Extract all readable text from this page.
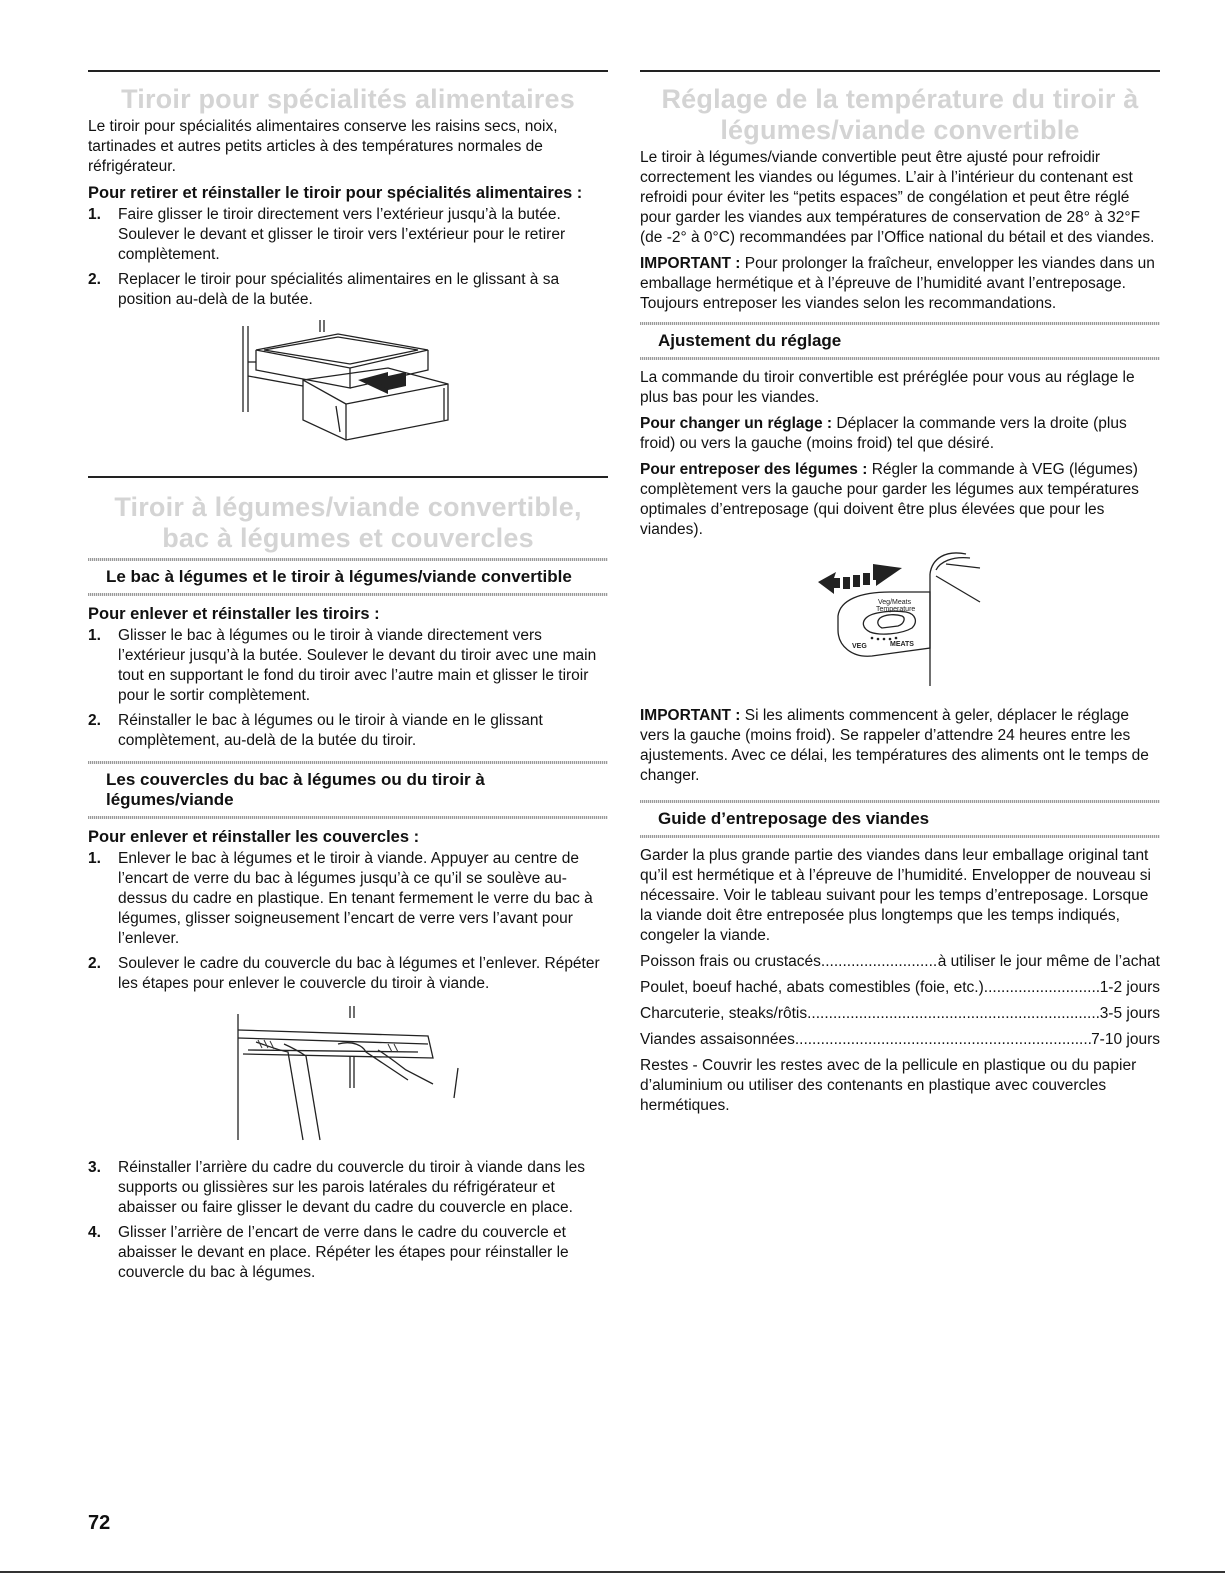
Tiroir pour spécialités alimentaires

Le tiroir pour spécialités alimentaires conserve les raisins secs, noix, tartinades et autres petits articles à des températures normales de réfrigérateur.

Pour retirer et réinstaller le tiroir pour spécialités alimentaires :
1. Faire glisser le tiroir directement vers l’extérieur jusqu’à la butée. Soulever le devant et glisser le tiroir vers l’extérieur pour le retirer complètement.
2. Replacer le tiroir pour spécialités alimentaires en le glissant à sa position au-delà de la butée.
Tiroir à légumes/viande convertible,
bac à légumes et couvercles
Le bac à légumes et le tiroir à légumes/viande convertible
Pour enlever et réinstaller les tiroirs :
1. Glisser le bac à légumes ou le tiroir à viande directement vers l’extérieur jusqu’à la butée. Soulever le devant du tiroir avec une main tout en supportant le fond du tiroir avec l’autre main et glisser le tiroir pour le sortir complètement.
2. Réinstaller le bac à légumes ou le tiroir à viande en le glissant complètement, au-delà de la butée du tiroir.
Les couvercles du bac à légumes ou du tiroir à légumes/viande
Pour enlever et réinstaller les couvercles :
1. Enlever le bac à légumes et le tiroir à viande. Appuyer au centre de l’encart de verre du bac à légumes jusqu’à ce qu’il se soulève au-dessus du cadre en plastique. En tenant fermement le verre du bac à légumes, glisser soigneusement l’encart de verre vers l’avant pour l’enlever.
2. Soulever le cadre du couvercle du bac à légumes et l’enlever. Répéter les étapes pour enlever le couvercle du tiroir à viande.
3. Réinstaller l’arrière du cadre du couvercle du tiroir à viande dans les supports ou glissières sur les parois latérales du réfrigérateur et abaisser ou faire glisser le devant du cadre du couvercle en place.
4. Glisser l’arrière de l’encart de verre dans le cadre du couvercle et abaisser le devant en place. Répéter les étapes pour réinstaller le couvercle du bac à légumes.
Réglage de la température du tiroir à
légumes/viande convertible

Le tiroir à légumes/viande convertible peut être ajusté pour refroidir correctement les viandes ou légumes. L’air à l’intérieur du contenant est refroidi pour éviter les “petits espaces” de congélation et peut être réglé pour garder les viandes aux températures de conservation de 28° à 32°F (de -2° à 0°C) recommandées par l’Office national du bétail et des viandes.

IMPORTANT : Pour prolonger la fraîcheur, envelopper les viandes dans un emballage hermétique et à l’épreuve de l’humidité avant l’entreposage. Toujours entreposer les viandes selon les recommandations.

Ajustement du réglage

La commande du tiroir convertible est préréglée pour vous au réglage le plus bas pour les viandes.

Pour changer un réglage : Déplacer la commande vers la droite (plus froid) ou vers la gauche (moins froid) tel que désiré.

Pour entreposer des légumes : Régler la commande à VEG (légumes) complètement vers la gauche pour garder les légumes aux températures optimales d’entreposage (qui doivent être plus élevées que pour les viandes).

Veg/Meats
Temperature
VEG	MEATS

IMPORTANT : Si les aliments commencent à geler, déplacer le réglage vers la gauche (moins froid). Se rappeler d’attendre 24 heures entre les ajustements. Avec ce délai, les températures des aliments ont le temps de changer.

Guide d’entreposage des viandes

Garder la plus grande partie des viandes dans leur emballage original tant qu’il est hermétique et à l’épreuve de l’humidité. Envelopper de nouveau si nécessaire. Voir le tableau suivant pour les temps d’entreposage. Lorsque la viande doit être entreposée plus longtemps que les temps indiqués, congeler la viande.

Poisson frais ou crustacés .....	à utiliser le jour même de l’achat
Poulet, boeuf haché, abats comestibles (foie, etc.) .....	1-2 jours
Charcuterie, steaks/rôtis .....	3-5 jours
Viandes assaisonnées .....	7-10 jours

Restes - Couvrir les restes avec de la pellicule en plastique ou du papier d’aluminium ou utiliser des contenants en plastique avec couvercles hermétiques.

72
